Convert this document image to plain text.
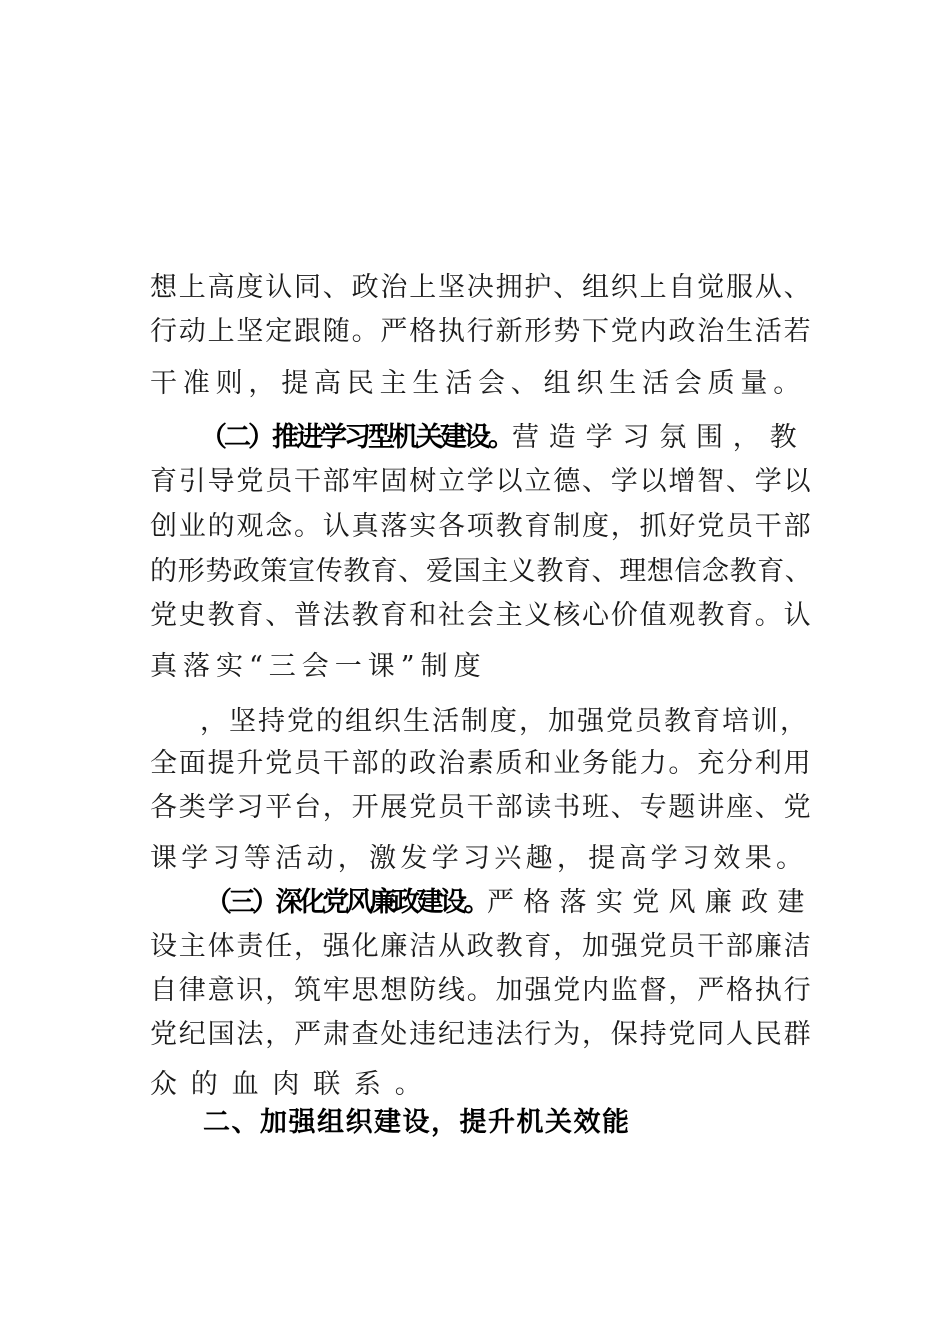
想上高度认同、政治上坚决拥护、组织上自觉服从、

行动上坚定跟随。严格执行新形势下党内政治生活若

干准则，提高民主生活会、组织生活会质量。

（二）推进学习型机关建设。营造学习氛围，教

育引导党员干部牢固树立学以立德、学以增智、学以

创业的观念。认真落实各项教育制度，抓好党员干部

的形势政策宣传教育、爱国主义教育、理想信念教育、

党史教育、普法教育和社会主义核心价值观教育。认

真落实“三会一课”制度

，坚持党的组织生活制度，加强党员教育培训，

全面提升党员干部的政治素质和业务能力。充分利用

各类学习平台，开展党员干部读书班、专题讲座、党

课学习等活动，激发学习兴趣，提高学习效果。

（三）深化党风廉政建设。严格落实党风廉政建

设主体责任，强化廉洁从政教育，加强党员干部廉洁

自律意识，筑牢思想防线。加强党内监督，严格执行

党纪国法，严肃查处违纪违法行为，保持党同人民群

众的血肉联系。

二、加强组织建设，提升机关效能
